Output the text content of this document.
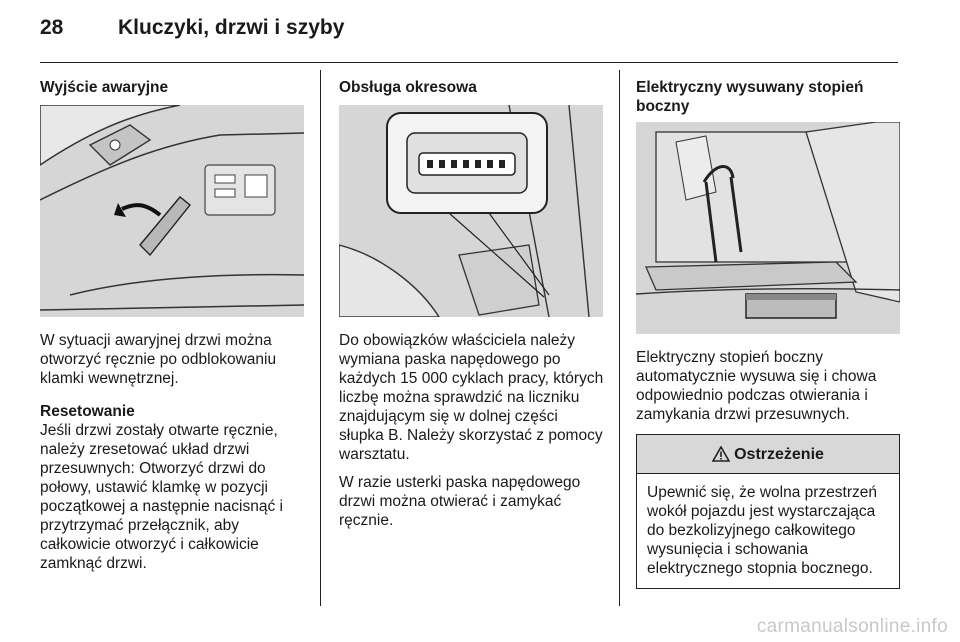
28	Kluczyki, drzwi i szyby
Wyjście awaryjne

W sytuacji awaryjnej drzwi można otworzyć ręcznie po odblokowaniu klamki wewnętrznej.

Resetowanie

Jeśli drzwi zostały otwarte ręcznie, należy zresetować układ drzwi przesuwnych: Otworzyć drzwi do połowy, ustawić klamkę w pozycji początkowej a następnie nacisnąć i przytrzymać przełącznik, aby całkowicie otworzyć i całkowicie zamknąć drzwi.

Obsługa okresowa

Do obowiązków właściciela należy wymiana paska napędowego po każdych 15 000 cyklach pracy, których liczbę można sprawdzić na liczniku znajdującym się w dolnej części słupka B. Należy skorzystać z pomocy warsztatu.

W razie usterki paska napędowego drzwi można otwierać i zamykać ręcznie.

Elektryczny wysuwany stopień boczny

Elektryczny stopień boczny automatycznie wysuwa się i chowa odpowiednio podczas otwierania i zamykania drzwi przesuwnych.

Ostrzeżenie
Upewnić się, że wolna przestrzeń wokół pojazdu jest wystarczająca do bezkolizyjnego całkowitego wysunięcia i schowania elektrycznego stopnia bocznego.
carmanualsonline.info
